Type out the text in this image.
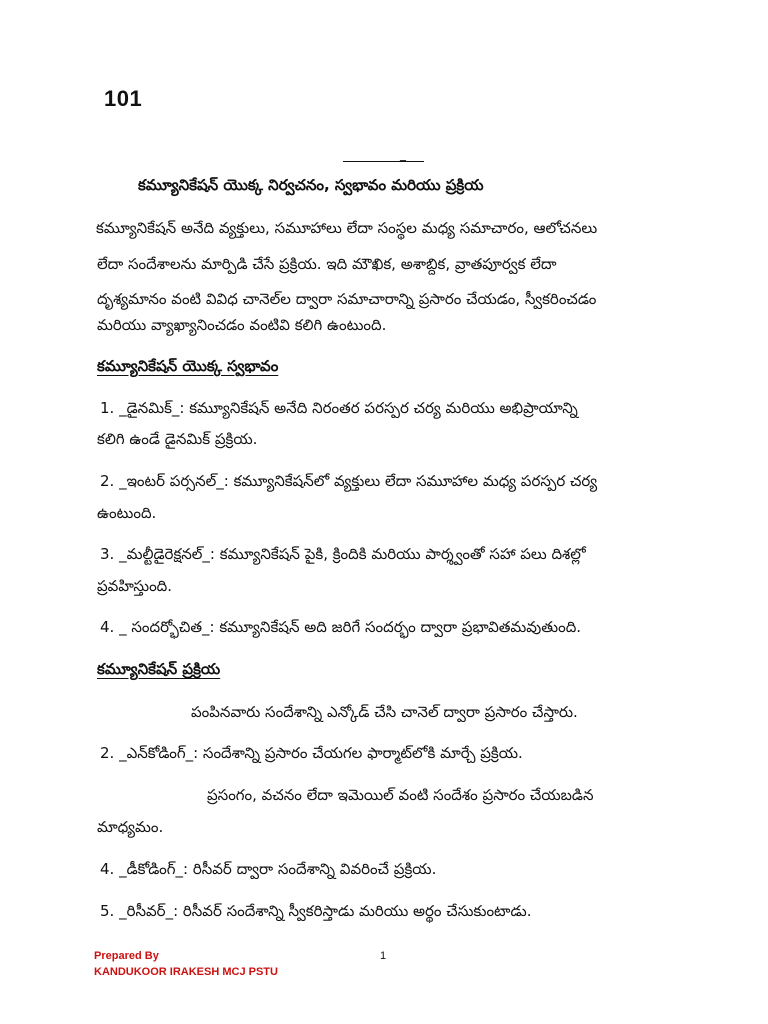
101
_
కమ్యూనికేషన్ యొక్క నిర్వచనం, స్వభావం మరియు ప్రక్రియ
కమ్యూనికేషన్ అనేది వ్యక్తులు, సమూహాలు లేదా సంస్థల మధ్య సమాచారం, ఆలోచనలు
లేదా సందేశాలను మార్పిడి చేసే ప్రక్రియ. ఇది మౌఖిక, అశాబ్దిక, వ్రాతపూర్వక లేదా
దృశ్యమానం వంటి వివిధ చానెల్‌ల ద్వారా సమాచారాన్ని ప్రసారం చేయడం, స్వీకరించడం
మరియు వ్యాఖ్యానించడం వంటివి కలిగి ఉంటుంది.
కమ్యూనికేషన్ యొక్క స్వభావం
1. _డైనమిక్_: కమ్యూనికేషన్ అనేది నిరంతర పరస్పర చర్య మరియు అభిప్రాయాన్ని
కలిగి ఉండే డైనమిక్ ప్రక్రియ.
2. _ఇంటర్ పర్సనల్_: కమ్యూనికేషన్‌లో వ్యక్తులు లేదా సమూహాల మధ్య పరస్పర చర్య
ఉంటుంది.
3. _మల్టీడైరెక్షనల్_: కమ్యూనికేషన్ పైకి, క్రిందికి మరియు పార్శ్వంతో సహా పలు దిశల్లో
ప్రవహిస్తుంది.
4. _ సందర్భోచిత_: కమ్యూనికేషన్ అది జరిగే సందర్భం ద్వారా ప్రభావితమవుతుంది.
కమ్యూనికేషన్ ప్రక్రియ
పంపినవారు సందేశాన్ని ఎన్కోడ్ చేసి చానెల్ ద్వారా ప్రసారం చేస్తారు.
2. _ఎన్‌కోడింగ్_: సందేశాన్ని ప్రసారం చేయగల ఫార్మాట్‌లోకి మార్చే ప్రక్రియ.
ప్రసంగం, వచనం లేదా ఇమెయిల్ వంటి సందేశం ప్రసారం చేయబడిన
మాధ్యమం.
4. _డీకోడింగ్_: రిసీవర్ ద్వారా సందేశాన్ని వివరించే ప్రక్రియ.
5. _రిసీవర్_: రిసీవర్ సందేశాన్ని స్వీకరిస్తాడు మరియు అర్థం చేసుకుంటాడు.
Prepared By
KANDUKOOR IRAKESH MCJ PSTU
1
